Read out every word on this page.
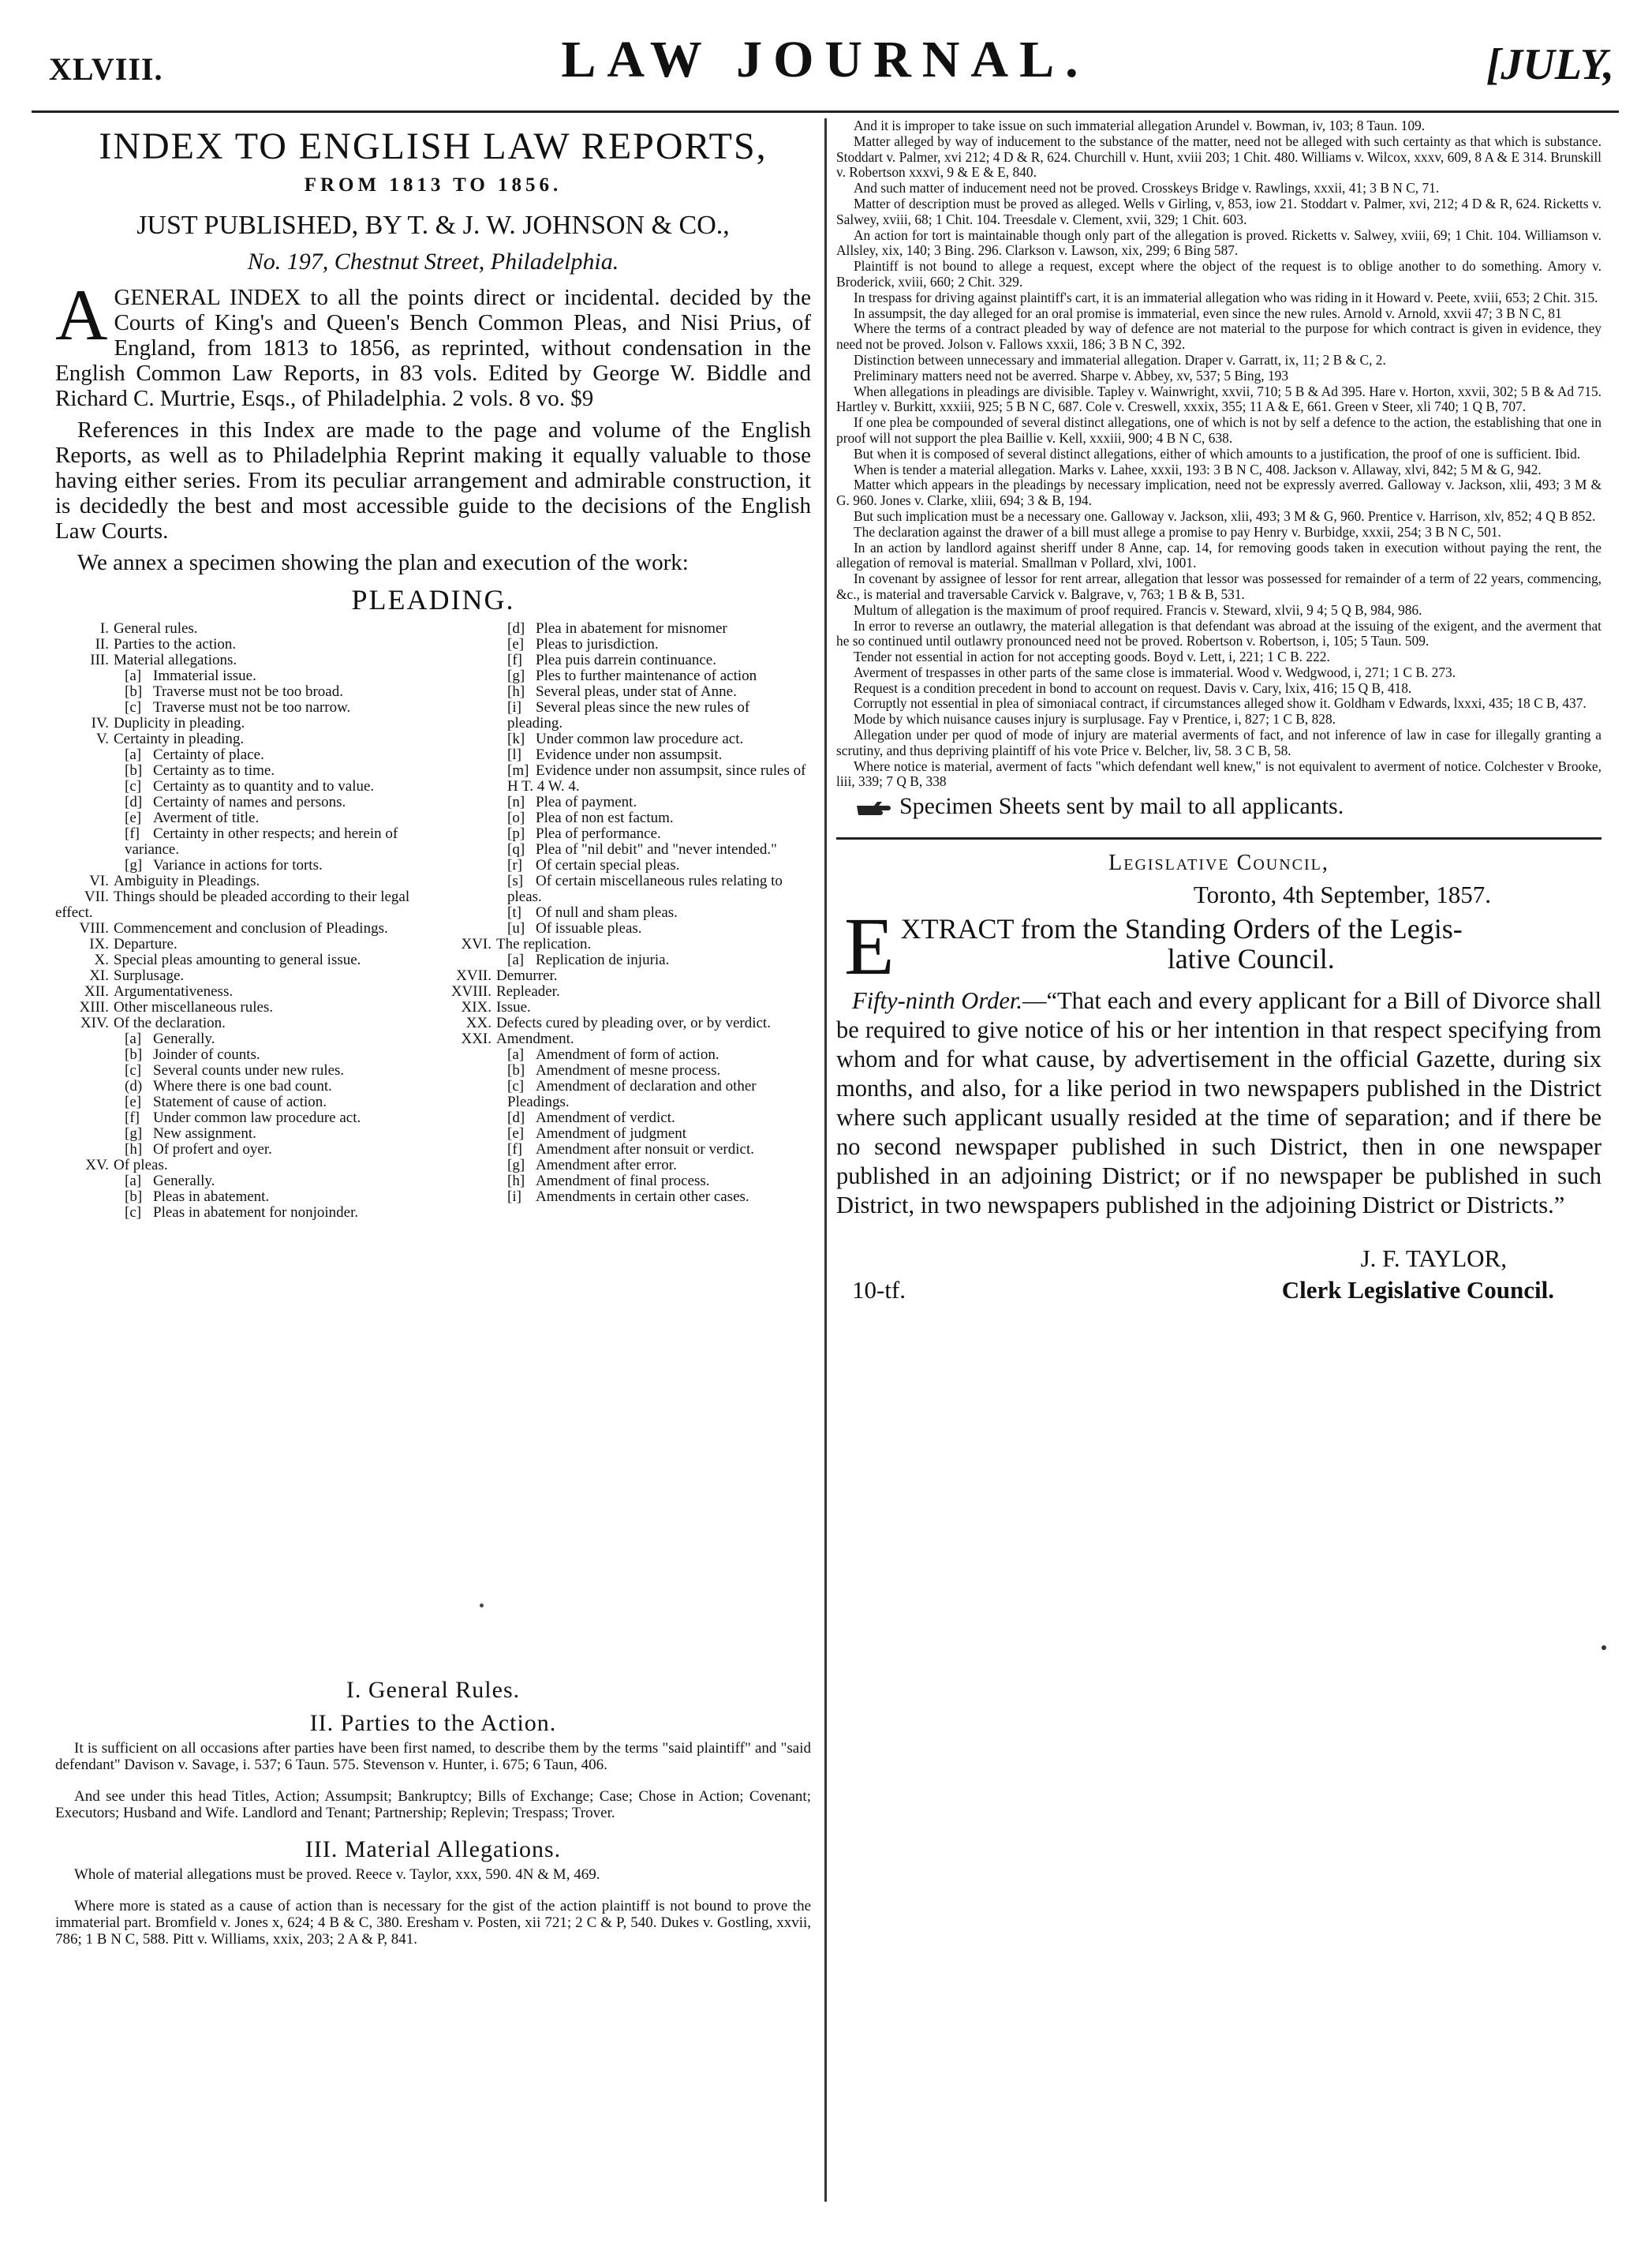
XLVIII.	LAW JOURNAL.	[JULY,
INDEX TO ENGLISH LAW REPORTS,
FROM 1813 TO 1856.
JUST PUBLISHED, BY T. & J. W. JOHNSON & CO.,
No. 197, Chestnut Street, Philadelphia.
A GENERAL INDEX to all the points direct or incidental. decided by the Courts of King's and Queen's Bench Common Pleas, and Nisi Prius, of England, from 1813 to 1856, as reprinted, without condensation in the English Common Law Reports, in 83 vols. Edited by George W. Biddle and Richard C. Murtrie, Esqs., of Philadelphia. 2 vols. 8 vo. $9

References in this Index are made to the page and volume of the English Reports, as well as to Philadelphia Reprint making it equally valuable to those having either series. From its peculiar arrangement and admirable construction, it is decidedly the best and most accessible guide to the decisions of the English Law Courts.

We annex a specimen showing the plan and execution of the work:

PLEADING.
I. General rules.
II. Parties to the action.
III. Material allegations.
[a] Immaterial issue.
[b] Traverse must not be too broad.
[c] Traverse must not be too narrow.
IV. Duplicity in pleading.
V. Certainty in pleading.
[a] Certainty of place.
[b] Certainty as to time.
[c] Certainty as to quantity and to value.
[d] Certainty of names and persons.
[e] Averment of title.
[f] Certainty in other respects; and herein of variance.
[g] Variance in actions for torts.
VI. Ambiguity in Pleadings.
VII. Things should be pleaded according to their legal effect.
VIII. Commencement and conclusion of Pleadings.
IX. Departure.
X. Special pleas amounting to general issue.
XI. Surplusage.
XII. Argumentativeness.
XIII. Other miscellaneous rules.
XIV. Of the declaration.
[a] Generally.
[b] Joinder of counts.
[c] Several counts under new rules.
(d) Where there is one bad count.
[e] Statement of cause of action.
[f] Under common law procedure act.
[g] New assignment.
[h] Of profert and oyer.
XV. Of pleas.
[a] Generally.
[b] Pleas in abatement.
[c] Pleas in abatement for nonjoinder.
[d] Plea in abatement for misnomer
[e] Pleas to jurisdiction.
[f] Plea puis darrein continuance.
[g] Ples to further maintenance of action
[h] Several pleas, under stat of Anne.
[i] Several pleas since the new rules of pleading.
[k] Under common law procedure act.
[l] Evidence under non assumpsit.
[m] Evidence under non assumpsit, since rules of H T. 4 W. 4.
[n] Plea of payment.
[o] Plea of non est factum.
[p] Plea of performance.
[q] Plea of "nil debit" and "never intended."
[r] Of certain special pleas.
[s] Of certain miscellaneous rules relating to pleas.
[t] Of null and sham pleas.
[u] Of issuable pleas.
XVI. The replication.
[a] Replication de injuria.
XVII. Demurrer.
XVIII. Repleader.
XIX. Issue.
XX. Defects cured by pleading over, or by verdict.
XXI. Amendment.
[a] Amendment of form of action.
[b] Amendment of mesne process.
[c] Amendment of declaration and other Pleadings.
[d] Amendment of verdict.
[e] Amendment of judgment
[f] Amendment after nonsuit or verdict.
[g] Amendment after error.
[h] Amendment of final process.
[i] Amendments in certain other cases.
I. General Rules.
II. Parties to the Action.

It is sufficient on all occasions after parties have been first named, to describe them by the terms "said plaintiff" and "said defendant" Davison v. Savage, i. 537; 6 Taun. 575. Stevenson v. Hunter, i. 675; 6 Taun, 406.

And see under this head Titles, Action; Assumpsit; Bankruptcy; Bills of Exchange; Case; Chose in Action; Covenant; Executors; Husband and Wife. Landlord and Tenant; Partnership; Replevin; Trespass; Trover.

III. Material Allegations.

Whole of material allegations must be proved. Reece v. Taylor, xxx, 590. 4N & M, 469.

Where more is stated as a cause of action than is necessary for the gist of the action plaintiff is not bound to prove the immaterial part. Bromfield v. Jones x, 624; 4 B & C, 380. Eresham v. Posten, xii 721; 2 C & P, 540. Dukes v. Gostling, xxvii, 786; 1 B N C, 588. Pitt v. Williams, xxix, 203; 2 A & P, 841.

And it is improper to take issue on such immaterial allegation Arundel v. Bowman, iv, 103; 8 Taun. 109.

Matter alleged by way of inducement to the substance of the matter, need not be alleged with such certainty as that which is substance. Stoddart v. Palmer, xvi 212; 4 D & R, 624. Churchill v. Hunt, xviii 203; 1 Chit. 480. Williams v. Wilcox, xxxv, 609, 8 A & E 314. Brunskill v. Robertson xxxvi, 9 & E & E, 840.

And such matter of inducement need not be proved. Crosskeys Bridge v. Rawlings, xxxii, 41; 3 B N C, 71.

Matter of description must be proved as alleged. Wells v Girling, v, 853, iow 21. Stoddart v. Palmer, xvi, 212; 4 D & R, 624. Ricketts v. Salwey, xviii, 68; 1 Chit. 104. Treesdale v. Clement, xvii, 329; 1 Chit. 603.

An action for tort is maintainable though only part of the allegation is proved. Ricketts v. Salwey, xviii, 69; 1 Chit. 104. Williamson v. Allsley, xix, 140; 3 Bing. 296. Clarkson v. Lawson, xix, 299; 6 Bing 587.

Plaintiff is not bound to allege a request, except where the object of the request is to oblige another to do something. Amory v. Broderick, xviii, 660; 2 Chit. 329.

In trespass for driving against plaintiff's cart, it is an immaterial allegation who was riding in it Howard v. Peete, xviii, 653; 2 Chit. 315.

In assumpsit, the day alleged for an oral promise is immaterial, even since the new rules. Arnold v. Arnold, xxvii 47; 3 B N C, 81

Where the terms of a contract pleaded by way of defence are not material to the purpose for which contract is given in evidence, they need not be proved. Jolson v. Fallows xxxii, 186; 3 B N C, 392.

Distinction between unnecessary and immaterial allegation. Draper v. Garratt, ix, 11; 2 B & C, 2.

Preliminary matters need not be averred. Sharpe v. Abbey, xv, 537; 5 Bing, 193

When allegations in pleadings are divisible. Tapley v. Wainwright, xxvii, 710; 5 B & Ad 395. Hare v. Horton, xxvii, 302; 5 B & Ad 715. Hartley v. Burkitt, xxxiii, 925; 5 B N C, 687. Cole v. Creswell, xxxix, 355; 11 A & E, 661. Green v Steer, xli 740; 1 Q B, 707.

If one plea be compounded of several distinct allegations, one of which is not by self a defence to the action, the establishing that one in proof will not support the plea Baillie v. Kell, xxxiii, 900; 4 B N C, 638.

But when it is composed of several distinct allegations, either of which amounts to a justification, the proof of one is sufficient. Ibid.

When is tender a material allegation. Marks v. Lahee, xxxii, 193: 3 B N C, 408. Jackson v. Allaway, xlvi, 842; 5 M & G, 942.

Matter which appears in the pleadings by necessary implication, need not be expressly averred. Galloway v. Jackson, xlii, 493; 3 M & G. 960. Jones v. Clarke, xliii, 694; 3 & B, 194.

But such implication must be a necessary one. Galloway v. Jackson, xlii, 493; 3 M & G, 960. Prentice v. Harrison, xlv, 852; 4 Q B 852.

The declaration against the drawer of a bill must allege a promise to pay Henry v. Burbidge, xxxii, 254; 3 B N C, 501.

In an action by landlord against sheriff under 8 Anne, cap. 14, for removing goods taken in execution without paying the rent, the allegation of removal is material. Smallman v Pollard, xlvi, 1001.

In covenant by assignee of lessor for rent arrear, allegation that lessor was possessed for remainder of a term of 22 years, commencing, &c., is material and traversable Carvick v. Balgrave, v, 763; 1 B & B, 531.

Multum of allegation is the maximum of proof required. Francis v. Steward, xlvii, 9 4; 5 Q B, 984, 986.

In error to reverse an outlawry, the material allegation is that defendant was abroad at the issuing of the exigent, and the averment that he so continued until outlawry pronounced need not be proved. Robertson v. Robertson, i, 105; 5 Taun. 509.

Tender not essential in action for not accepting goods. Boyd v. Lett, i, 221; 1 C B. 222.

Averment of trespasses in other parts of the same close is immaterial. Wood v. Wedgwood, i, 271; 1 C B. 273.

Request is a condition precedent in bond to account on request. Davis v. Cary, lxix, 416; 15 Q B, 418.

Corruptly not essential in plea of simoniacal contract, if circumstances alleged show it. Goldham v Edwards, lxxxi, 435; 18 C B, 437.

Mode by which nuisance causes injury is surplusage. Fay v Prentice, i, 827; 1 C B, 828.

Allegation under per quod of mode of injury are material averments of fact, and not inference of law in case for illegally granting a scrutiny, and thus depriving plaintiff of his vote Price v. Belcher, liv, 58. 3 C B, 58.

Where notice is material, averment of facts "which defendant well knew," is not equivalent to averment of notice. Colchester v Brooke, liii, 339; 7 Q B, 338

Specimen Sheets sent by mail to all applicants.
Legislative Council,
Toronto, 4th September, 1857.
E XTRACT from the Standing Orders of the Legis-
lative Council.

Fifty-ninth Order.—“That each and every applicant for a Bill of Divorce shall be required to give notice of his or her intention in that respect specifying from whom and for what cause, by advertisement in the official Gazette, during six months, and also, for a like period in two newspapers published in the District where such applicant usually resided at the time of separation; and if there be no second newspaper published in such District, then in one newspaper published in an adjoining District; or if no newspaper be published in such District, in two newspapers published in the adjoining District or Districts.”

J. F. TAYLOR,
10-tf.	Clerk Legislative Council.
